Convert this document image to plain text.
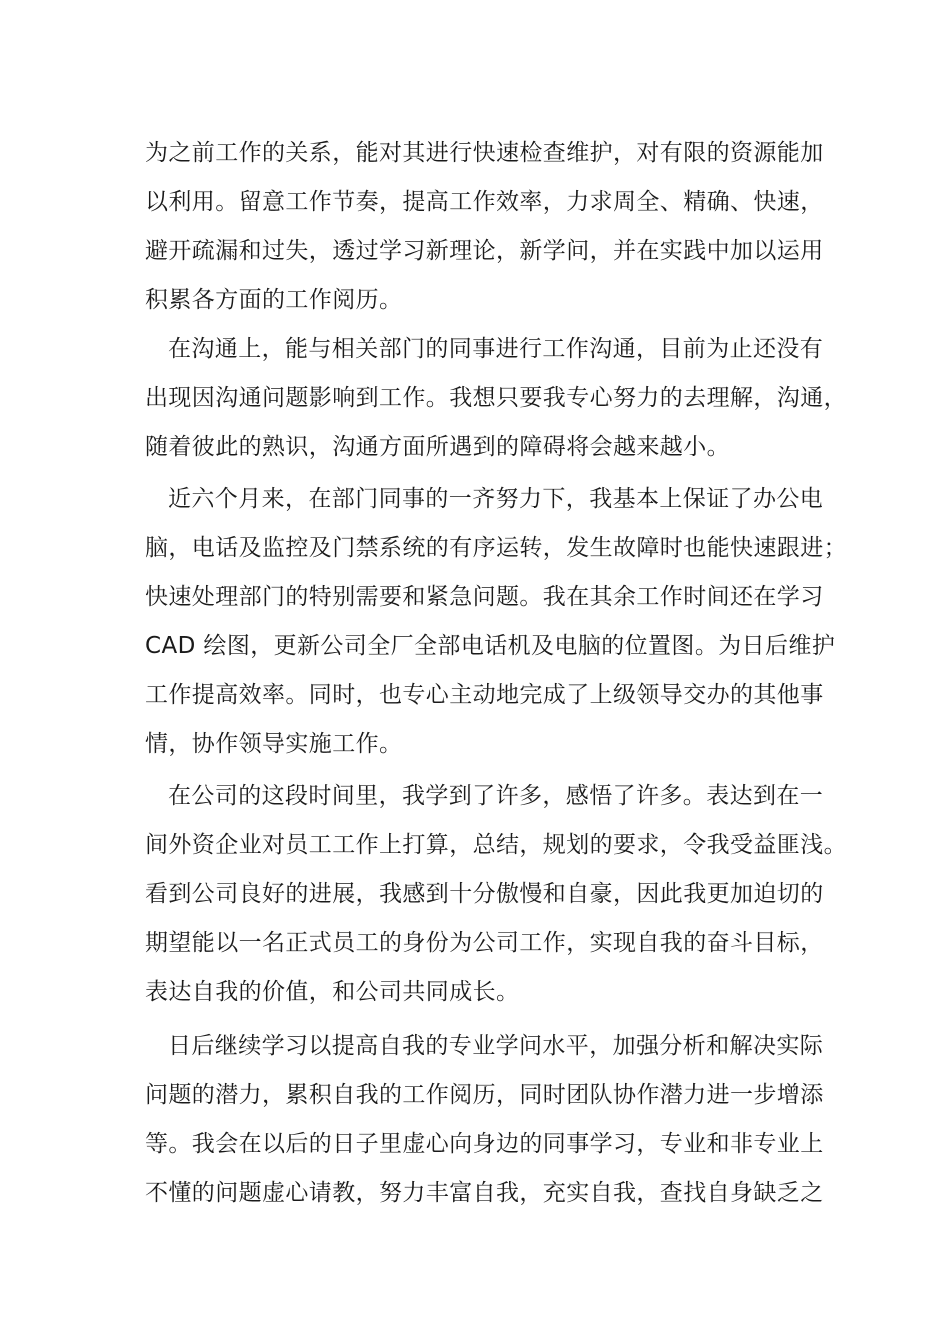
为之前工作的关系，能对其进行快速检查维护，对有限的资源能加

以利用。留意工作节奏，提高工作效率，力求周全、精确、快速，

避开疏漏和过失，透过学习新理论，新学问，并在实践中加以运用

积累各方面的工作阅历。

在沟通上，能与相关部门的同事进行工作沟通，目前为止还没有

出现因沟通问题影响到工作。我想只要我专心努力的去理解，沟通，

随着彼此的熟识，沟通方面所遇到的障碍将会越来越小。

近六个月来，在部门同事的一齐努力下，我基本上保证了办公电

脑，电话及监控及门禁系统的有序运转，发生故障时也能快速跟进；

快速处理部门的特别需要和紧急问题。我在其余工作时间还在学习

CAD 绘图，更新公司全厂全部电话机及电脑的位置图。为日后维护

工作提高效率。同时，也专心主动地完成了上级领导交办的其他事

情，协作领导实施工作。

在公司的这段时间里，我学到了许多，感悟了许多。表达到在一

间外资企业对员工工作上打算，总结，规划的要求，令我受益匪浅。

看到公司良好的进展，我感到十分傲慢和自豪，因此我更加迫切的

期望能以一名正式员工的身份为公司工作，实现自我的奋斗目标，

表达自我的价值，和公司共同成长。

日后继续学习以提高自我的专业学问水平，加强分析和解决实际

问题的潜力，累积自我的工作阅历，同时团队协作潜力进一步增添

等。我会在以后的日子里虚心向身边的同事学习，专业和非专业上

不懂的问题虚心请教，努力丰富自我，充实自我，查找自身缺乏之
